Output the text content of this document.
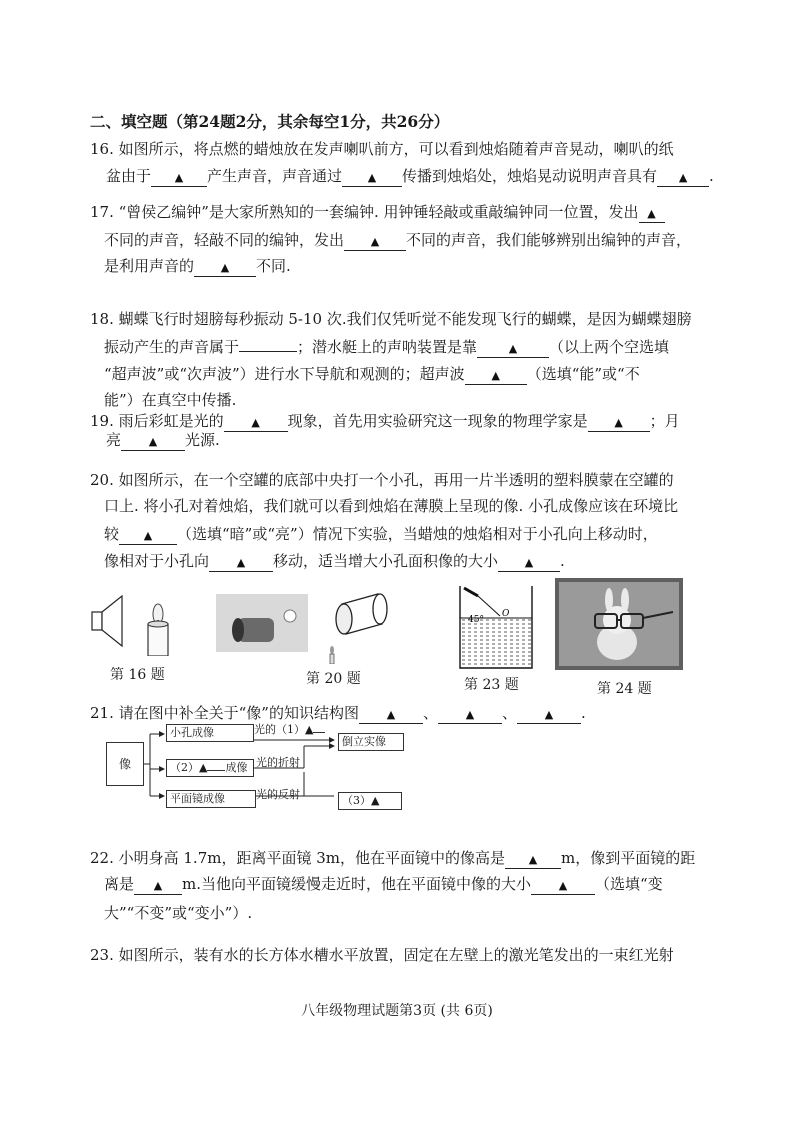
二、填空题（第24题2分，其余每空1分，共26分）
16. 如图所示，将点燃的蜡烛放在发声喇叭前方，可以看到烛焰随着声音晃动，喇叭的纸
盆由于 ▲ 产生声音，声音通过 ▲ 传播到烛焰处，烛焰晃动说明声音具有 ▲ .
17. “曾侯乙编钟”是大家所熟知的一套编钟. 用钟锤轻敲或重敲编钟同一位置，发出 ▲
不同的声音，轻敲不同的编钟，发出 ▲ 不同的声音，我们能够辨别出编钟的声音，
是利用声音的 ▲ 不同.
18. 蝴蝶飞行时翅膀每秒振动 5-10 次.我们仅凭听觉不能发现飞行的蝴蝶，是因为蝴蝶翅膀
振动产生的声音属于	；潜水艇上的声呐装置是靠	▲ （以上两个空选填
“超声波”或“次声波”）进行水下导航和观测的；超声波 ▲ （选填“能”或“不
能”）在真空中传播.
19. 雨后彩虹是光的	▲ 现象，首先用实验研究这一现象的物理学家是 ▲ ；月
亮	▲ 光源.
20. 如图所示，在一个空罐的底部中央打一个小孔，再用一片半透明的塑料膜蒙在空罐的
口上. 将小孔对着烛焰，我们就可以看到烛焰在薄膜上呈现的像. 小孔成像应该在环境比
较 ▲ （选填“暗”或“亮”）情况下实验，当蜡烛的烛焰相对于小孔向上移动时，
像相对于小孔向	▲ 移动，适当增大小孔面积像的大小 ▲ .
第 16 题	第 20 题
45°
O
第 23 题	第 24 题
21. 请在图中补全关于“像”的知识结构图	▲ 、	▲ 、	▲ .
像
小孔成像
（2）▲ 成像
平面镜成像
光的（1）▲
光的折射
光的反射
倒立实像
（3）▲
22. 小明身高 1.7m，距离平面镜 3m，他在平面镜中的像高是 ▲ m，像到平面镜的距
离是 ▲ m.当他向平面镜缓慢走近时，他在平面镜中像的大小	▲ （选填“变
大”“不变”或“变小”）.
23. 如图所示，装有水的长方体水槽水平放置，固定在左壁上的激光笔发出的一束红光射
八年级物理试题第3页 (共 6页)
